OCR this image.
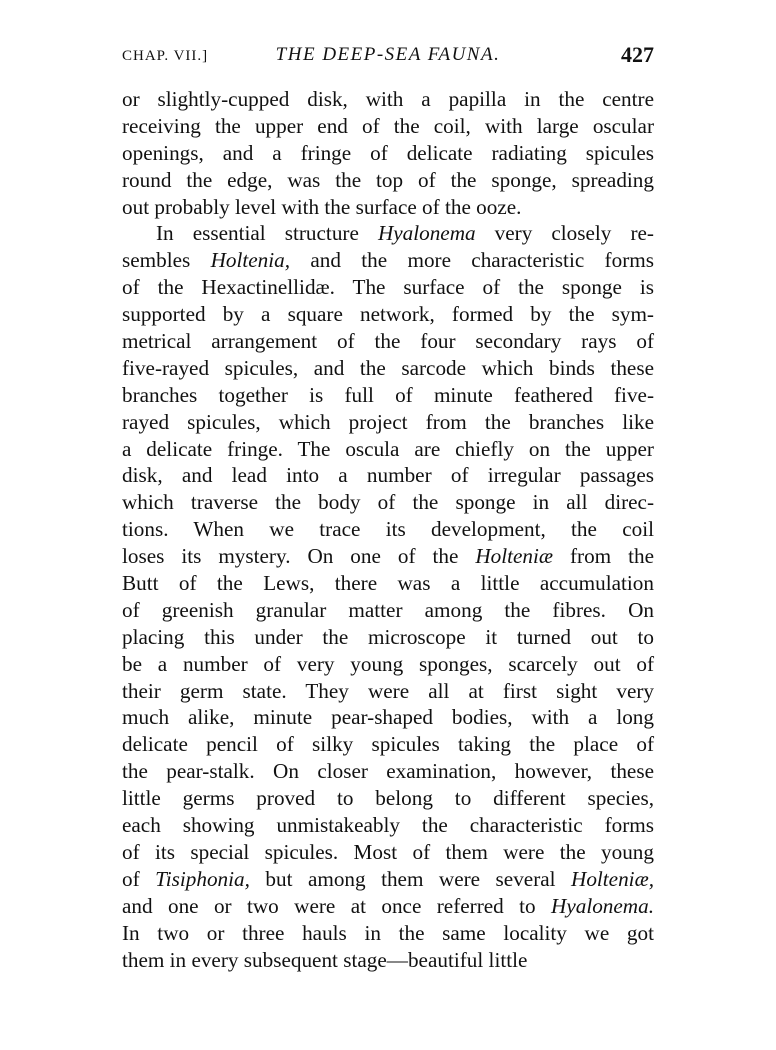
CHAP. VII.]	THE DEEP-SEA FAUNA.	427
or slightly-cupped disk, with a papilla in the centre
receiving the upper end of the coil, with large oscular
openings, and a fringe of delicate radiating spicules
round the edge, was the top of the sponge, spreading
out probably level with the surface of the ooze.
In essential structure Hyalonema very closely re-
sembles Holtenia, and the more characteristic forms
of the Hexactinellidæ. The surface of the sponge is
supported by a square network, formed by the sym-
metrical arrangement of the four secondary rays of
five-rayed spicules, and the sarcode which binds these
branches together is full of minute feathered five-
rayed spicules, which project from the branches like
a delicate fringe. The oscula are chiefly on the upper
disk, and lead into a number of irregular passages
which traverse the body of the sponge in all direc-
tions. When we trace its development, the coil
loses its mystery. On one of the Holteniæ from the
Butt of the Lews, there was a little accumulation
of greenish granular matter among the fibres. On
placing this under the microscope it turned out to
be a number of very young sponges, scarcely out of
their germ state. They were all at first sight very
much alike, minute pear-shaped bodies, with a long
delicate pencil of silky spicules taking the place of
the pear-stalk. On closer examination, however, these
little germs proved to belong to different species,
each showing unmistakeably the characteristic forms
of its special spicules. Most of them were the young
of Tisiphonia, but among them were several Holteniæ,
and one or two were at once referred to Hyalonema.
In two or three hauls in the same locality we got
them in every subsequent stage—beautiful little
